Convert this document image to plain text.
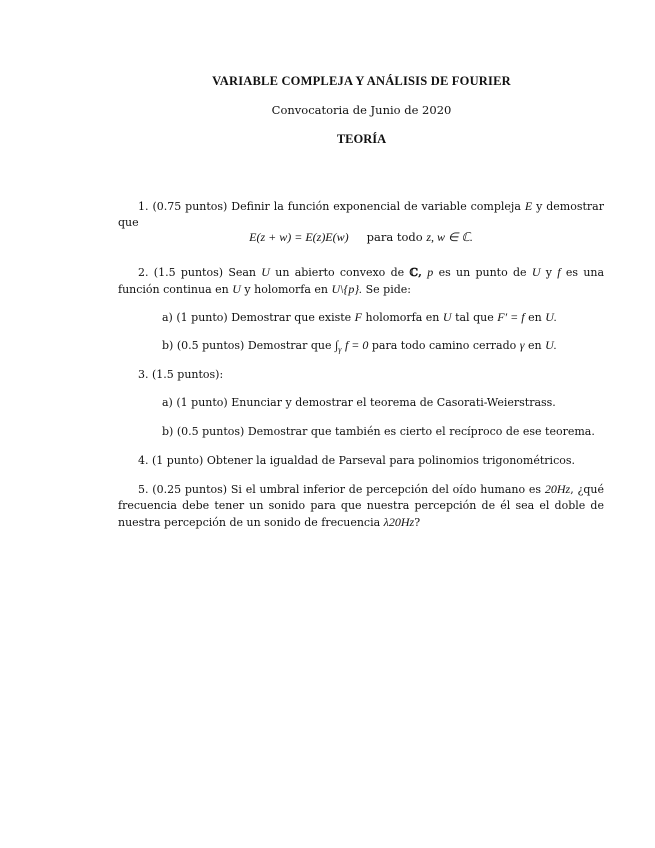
VARIABLE COMPLEJA Y ANÁLISIS DE FOURIER
Convocatoria de Junio de 2020
TEORÍA
1. (0.75 puntos) Definir la función exponencial de variable compleja E y demostrar que
E(z + w) = E(z)E(w) para todo z, w ∈ ℂ.
2. (1.5 puntos) Sean U un abierto convexo de ℂ, p es un punto de U y f es una función continua en U y holomorfa en U\{p}. Se pide:
a) (1 punto) Demostrar que existe F holomorfa en U tal que F′ = f en U.
b) (0.5 puntos) Demostrar que $\int_\gamma$ f = 0 para todo camino cerrado γ en U.
3. (1.5 puntos):
a) (1 punto) Enunciar y demostrar el teorema de Casorati-Weierstrass.
b) (0.5 puntos) Demostrar que también es cierto el recíproco de ese teorema.
4. (1 punto) Obtener la igualdad de Parseval para polinomios trigonométricos.
5. (0.25 puntos) Si el umbral inferior de percepción del oído humano es 20Hz, ¿qué frecuencia debe tener un sonido para que nuestra percepción de él sea el doble de nuestra percepción de un sonido de frecuencia λ20Hz?
